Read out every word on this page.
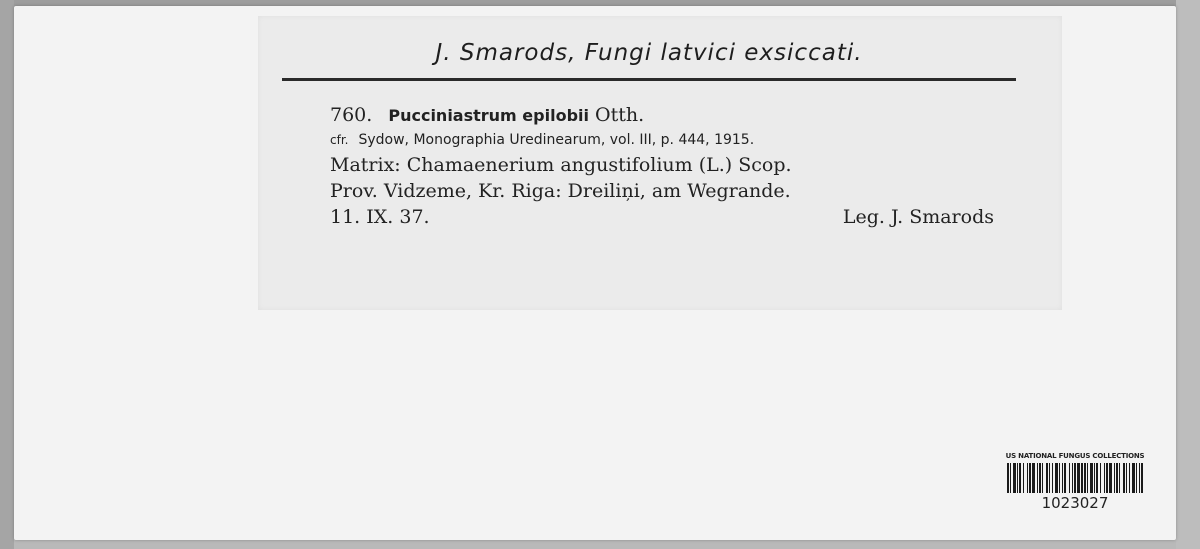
J. Smarods, Fungi latvici exsiccati.
760. Pucciniastrum epilobii Otth.
cfr. Sydow, Monographia Uredinearum, vol. III, p. 444, 1915.
Matrix: Chamaenerium angustifolium (L.) Scop.
Prov. Vidzeme, Kr. Riga: Dreiliņi, am Wegrande.
11. IX. 37.	Leg. J. Smarods
US NATIONAL FUNGUS COLLECTIONS
1023027
